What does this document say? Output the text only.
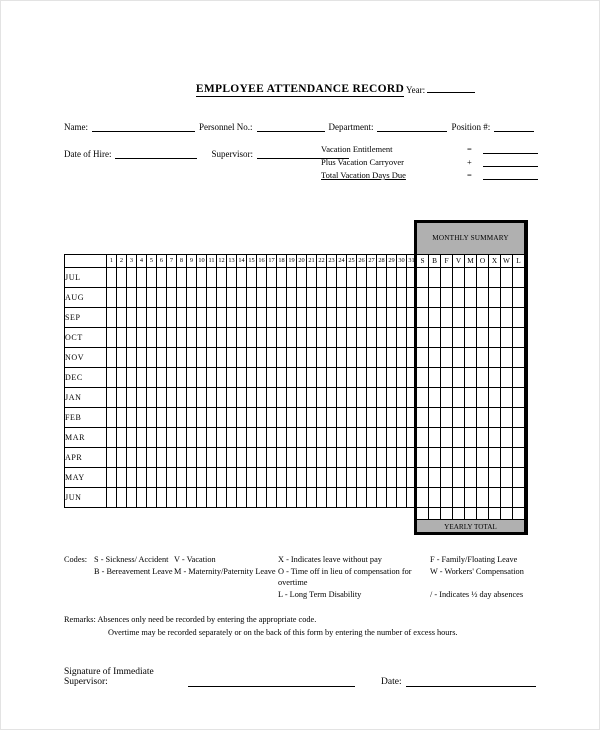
EMPLOYEE ATTENDANCE RECORD Year:
Name:	Personnel No.:	Department:	Position #:
Date of Hire:	Supervisor:	Vacation Entitlement	=
Plus Vacation Carryover	+
Total Vacation Days Due	=
																																MONTHLY SUMMARY								
	1	2	3	4	5	6	7	8	9	10	11	12	13	14	15	16	17	18	19	20	21	22	23	24	25	26	27	28	29	30	31	S	B	F	V	M	O	X	W	L
JUL																																								
AUG																																								
SEP																																								
OCT																																								
NOV																																								
DEC																																								
JAN																																								
FEB																																								
MAR																																								
APR																																								
MAY																																								
JUN																																								

																																YEARLY TOTAL								
Codes: S - Sickness/ Accident
B - Bereavement Leave
V - Vacation
M - Maternity/Paternity Leave
X - Indicates leave without pay
O - Time off in lieu of compensation for overtime
L - Long Term Disability
F - Family/Floating Leave
W - Workers' Compensation
/ - Indicates ½ day absences
Remarks: Absences only need be recorded by entering the appropriate code.
Overtime may be recorded separately or on the back of this form by entering the number of excess hours.
Signature of Immediate Supervisor:	Date:
